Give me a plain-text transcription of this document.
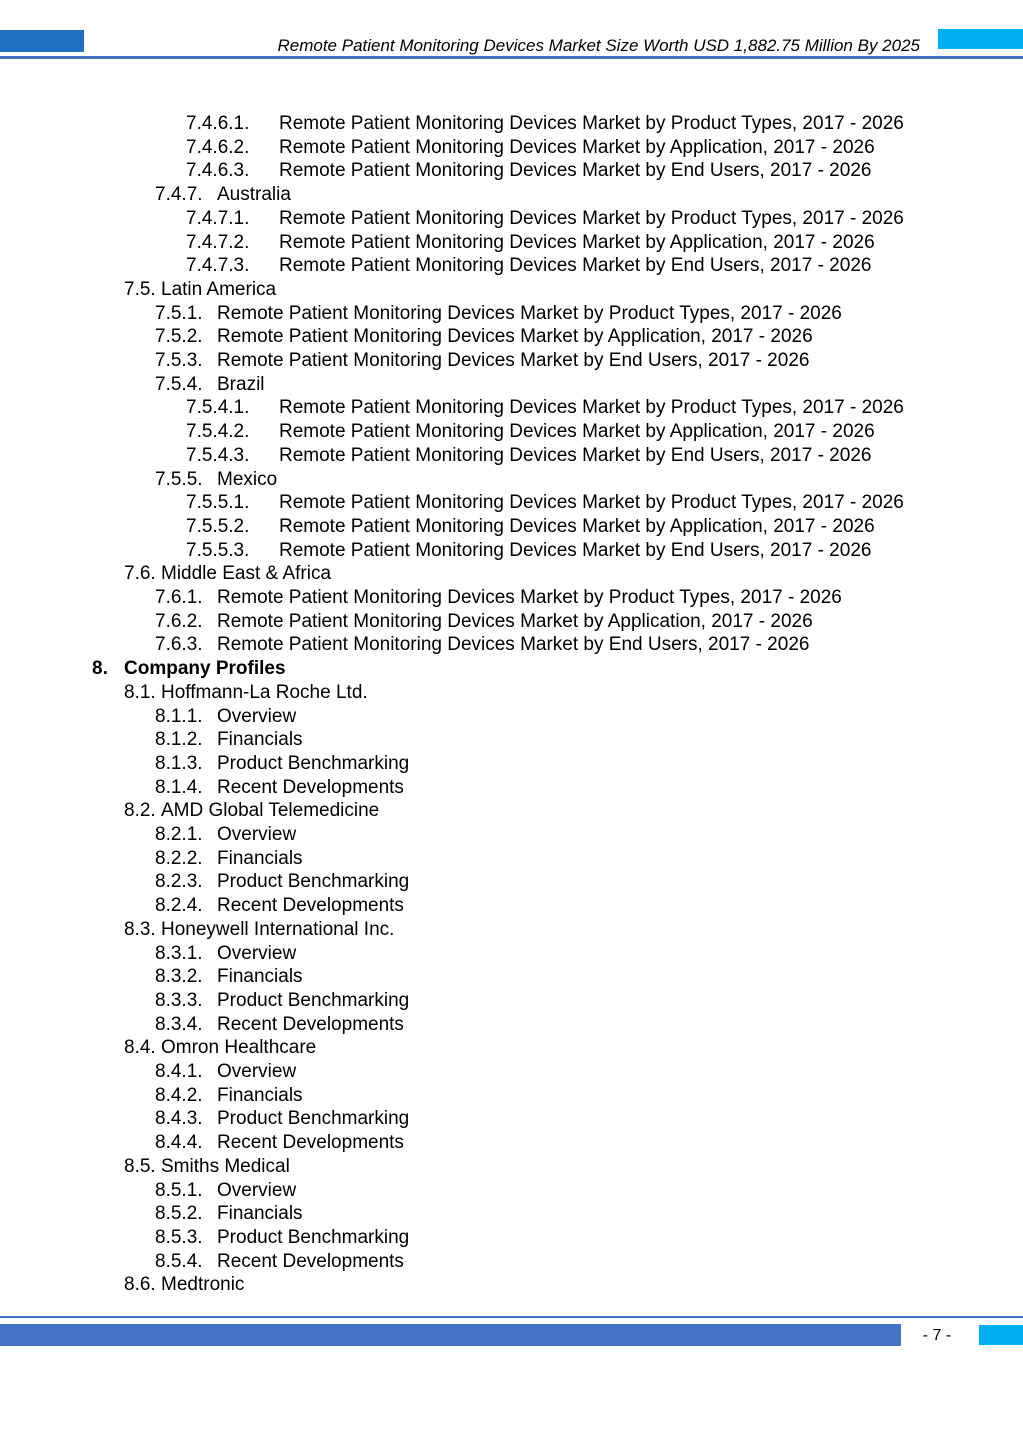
Remote Patient Monitoring Devices Market Size Worth USD 1,882.75 Million By 2025
7.4.6.1.	Remote Patient Monitoring Devices Market by Product Types, 2017 - 2026
7.4.6.2.	Remote Patient Monitoring Devices Market by Application, 2017 - 2026
7.4.6.3.	Remote Patient Monitoring Devices Market by End Users, 2017 - 2026
7.4.7. Australia
7.4.7.1.	Remote Patient Monitoring Devices Market by Product Types, 2017 - 2026
7.4.7.2.	Remote Patient Monitoring Devices Market by Application, 2017 - 2026
7.4.7.3.	Remote Patient Monitoring Devices Market by End Users, 2017 - 2026
7.5. Latin America
7.5.1. Remote Patient Monitoring Devices Market by Product Types, 2017 - 2026
7.5.2. Remote Patient Monitoring Devices Market by Application, 2017 - 2026
7.5.3. Remote Patient Monitoring Devices Market by End Users, 2017 - 2026
7.5.4. Brazil
7.5.4.1.	Remote Patient Monitoring Devices Market by Product Types, 2017 - 2026
7.5.4.2.	Remote Patient Monitoring Devices Market by Application, 2017 - 2026
7.5.4.3.	Remote Patient Monitoring Devices Market by End Users, 2017 - 2026
7.5.5. Mexico
7.5.5.1.	Remote Patient Monitoring Devices Market by Product Types, 2017 - 2026
7.5.5.2.	Remote Patient Monitoring Devices Market by Application, 2017 - 2026
7.5.5.3.	Remote Patient Monitoring Devices Market by End Users, 2017 - 2026
7.6. Middle East & Africa
7.6.1. Remote Patient Monitoring Devices Market by Product Types, 2017 - 2026
7.6.2. Remote Patient Monitoring Devices Market by Application, 2017 - 2026
7.6.3. Remote Patient Monitoring Devices Market by End Users, 2017 - 2026
8. Company Profiles
8.1. Hoffmann-La Roche Ltd.
8.1.1. Overview
8.1.2. Financials
8.1.3. Product Benchmarking
8.1.4. Recent Developments
8.2. AMD Global Telemedicine
8.2.1. Overview
8.2.2. Financials
8.2.3. Product Benchmarking
8.2.4. Recent Developments
8.3. Honeywell International Inc.
8.3.1. Overview
8.3.2. Financials
8.3.3. Product Benchmarking
8.3.4. Recent Developments
8.4. Omron Healthcare
8.4.1. Overview
8.4.2. Financials
8.4.3. Product Benchmarking
8.4.4. Recent Developments
8.5. Smiths Medical
8.5.1. Overview
8.5.2. Financials
8.5.3. Product Benchmarking
8.5.4. Recent Developments
8.6. Medtronic
- 7 -
